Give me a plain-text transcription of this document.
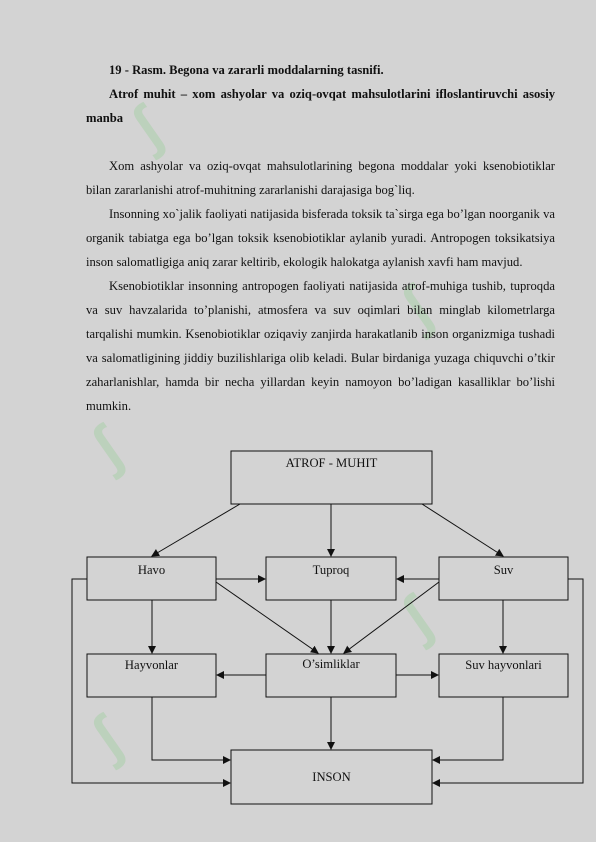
ʃ
ʃ
ʃ
ʃ
ʃ

19 - Rasm. Begona va zararli moddalarning tasnifi.

Atrof muhit – xom ashyolar va oziq-ovqat mahsulotlarini ifloslantiruvchi asosiy manba

Xom ashyolar va oziq-ovqat mahsulotlarining begona moddalar yoki ksenobiotiklar bilan zararlanishi atrof-muhitning zararlanishi darajasiga bog`liq.

Insonning xo`jalik faoliyati natijasida bisferada toksik ta`sirga ega bo’lgan noorganik va organik tabiatga ega bo’lgan toksik ksenobiotiklar aylanib yuradi. Antropogen toksikatsiya inson salomatligiga aniq zarar keltirib, ekologik halokatga aylanish xavfi ham mavjud.

Ksenobiotiklar insonning antropogen faoliyati natijasida atrof-muhiga tushib, tuproqda va suv havzalarida to’planishi, atmosfera va suv oqimlari bilan minglab kilometrlarga tarqalishi mumkin. Ksenobiotiklar oziqaviy zanjirda harakatlanib inson organizmiga tushadi va salomatligining jiddiy buzilishlariga olib keladi. Bular birdaniga yuzaga chiquvchi o’tkir zaharlanishlar, hamda bir necha yillardan keyin namoyon bo’ladigan kasalliklar bo’lishi mumkin.

ATROF - MUHIT
Havo	Tuproq	Suv
Hayvonlar	O’simliklar	Suv hayvonlari
INSON
